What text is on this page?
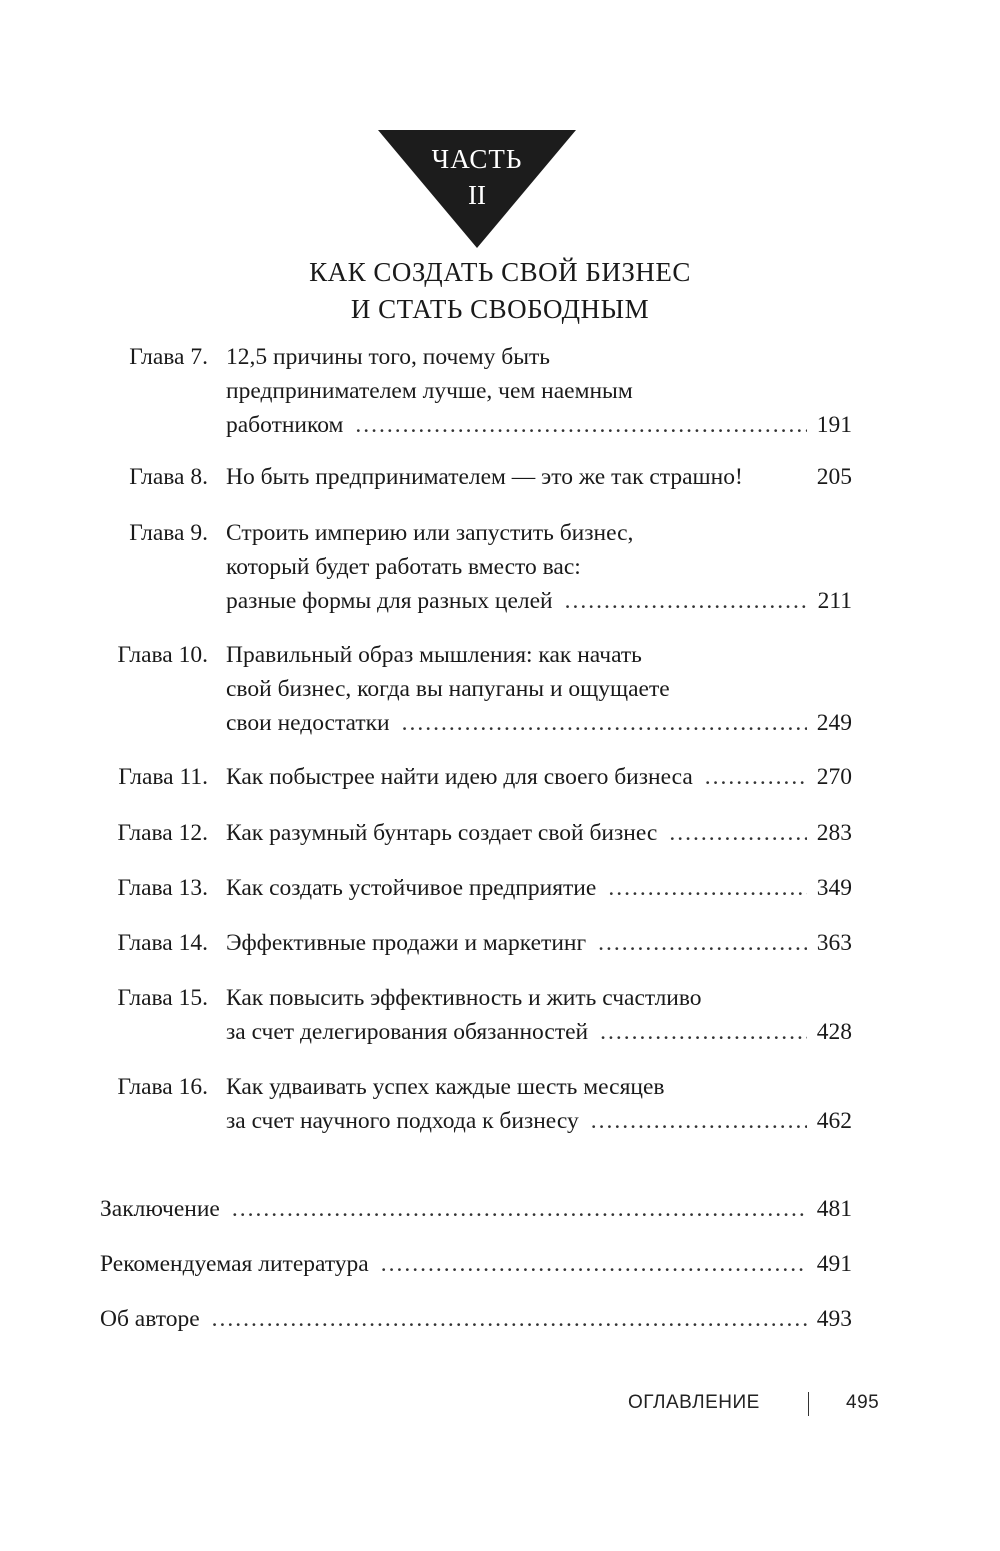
ЧАСТЬ
II
КАК СОЗДАТЬ СВОЙ БИЗНЕС
И СТАТЬ СВОБОДНЫМ
Глава 7. 12,5 причины того, почему быть
предпринимателем лучше, чем наемным
работником .....	191
Глава 8. Но быть предпринимателем — это же так страшно!	205
Глава 9. Строить империю или запустить бизнес,
который будет работать вместо вас:
разные формы для разных целей .....	211
Глава 10. Правильный образ мышления: как начать
свой бизнес, когда вы напуганы и ощущаете
свои недостатки .....	249
Глава 11. Как побыстрее найти идею для своего бизнеса .....	270
Глава 12. Как разумный бунтарь создает свой бизнес .....	283
Глава 13. Как создать устойчивое предприятие .....	349
Глава 14. Эффективные продажи и маркетинг .....	363
Глава 15. Как повысить эффективность и жить счастливо
за счет делегирования обязанностей .....	428
Глава 16. Как удваивать успех каждые шесть месяцев
за счет научного подхода к бизнесу .....	462
Заключение .....	481
Рекомендуемая литература .....	491
Об авторе .....	493
ОГЛАВЛЕНИЕ	495
